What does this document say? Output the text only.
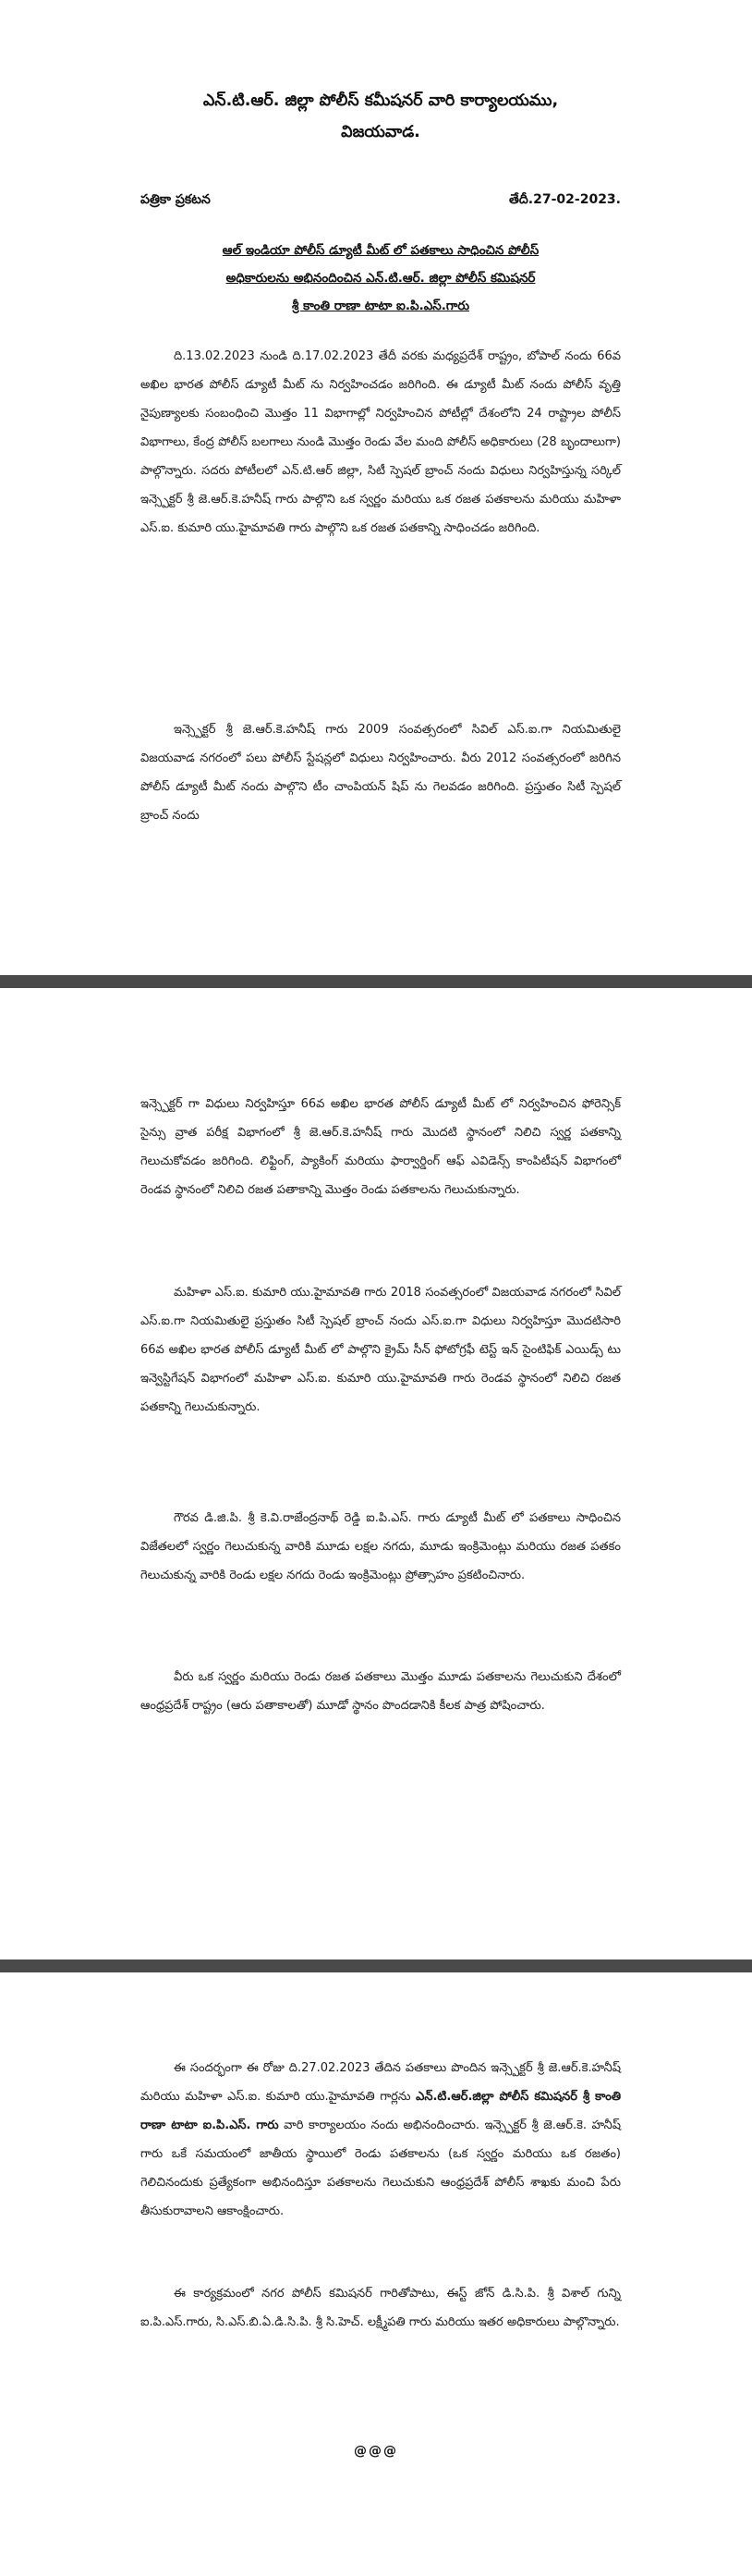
ఎన్.టి.ఆర్. జిల్లా పోలీస్ కమీషనర్ వారి కార్యాలయము,
విజయవాడ.
పత్రికా ప్రకటన	తేదీ.27-02-2023.
ఆల్ ఇండియా పోలీస్ డ్యూటీ మీట్ లో పతకాలు సాధించిన పోలీస్
అధికారులను అభినందించిన ఎన్.టి.ఆర్. జిల్లా పోలీస్ కమిషనర్
శ్రీ కాంతి రాణా టాటా ఐ.పి.ఎస్.గారు

ది.13.02.2023 నుండి ది.17.02.2023 తేదీ వరకు మధ్యప్రదేశ్ రాష్ట్రం, బోపాల్ నందు 66వ అఖిల భారత పోలీస్ డ్యూటీ మీట్ ను నిర్వహించడం జరిగింది. ఈ డ్యూటీ మీట్ నందు పోలీస్ వృత్తి నైపుణ్యాలకు సంబంధించి మొత్తం 11 విభాగాల్లో నిర్వహించిన పోటీల్లో దేశంలోని 24 రాష్ట్రాల పోలీస్ విభాగాలు, కేంద్ర పోలీస్ బలగాలు నుండి మొత్తం రెండు వేల మంది పోలీస్ అధికారులు (28 బృందాలుగా) పాల్గొన్నారు. సదరు పోటీలలో ఎన్.టి.ఆర్ జిల్లా, సిటీ స్పెషల్ బ్రాంచ్ నందు విధులు నిర్వహిస్తున్న సర్కిల్ ఇన్స్పెక్టర్ శ్రీ జె.ఆర్.కె.హనీష్ గారు పాల్గొని ఒక స్వర్ణం మరియు ఒక రజత పతకాలను మరియు మహిళా ఎస్.ఐ. కుమారి యు.హైమావతి గారు పాల్గొని ఒక రజత పతకాన్ని సాధించడం జరిగింది.

ఇన్స్పెక్టర్ శ్రీ జె.ఆర్.కె.హనీష్ గారు 2009 సంవత్సరంలో సివిల్ ఎస్.ఐ.గా నియమితులై విజయవాడ నగరంలో పలు పోలీస్ స్టేషన్లలో విధులు నిర్వహించారు. వీరు 2012 సంవత్సరంలో జరిగిన పోలీస్ డ్యూటీ మీట్ నందు పాల్గొని టీం చాంపియన్ షిప్ ను గెలవడం జరిగింది. ప్రస్తుతం సిటీ స్పెషల్ బ్రాంచ్ నందు

ఇన్స్పెక్టర్ గా విధులు నిర్వహిస్తూ 66వ అఖిల భారత పోలీస్ డ్యూటీ మీట్ లో నిర్వహించిన ఫోరెన్సిక్ సైన్సు వ్రాత పరీక్ష విభాగంలో శ్రీ జె.ఆర్.కె.హనీష్ గారు మొదటి స్థానంలో నిలిచి స్వర్ణ పతకాన్ని గెలుచుకోవడం జరిగింది. లిఫ్టింగ్, ప్యాకింగ్ మరియు ఫార్వార్డింగ్ ఆఫ్ ఎవిడెన్స్ కాంపిటీషన్ విభాగంలో రెండవ స్థానంలో నిలిచి రజత పతాకాన్ని మొత్తం రెండు పతకాలను గెలుచుకున్నారు.

మహిళా ఎస్.ఐ. కుమారి యు.హైమావతి గారు 2018 సంవత్సరంలో విజయవాడ నగరంలో సివిల్ ఎస్.ఐ.గా నియమితులై ప్రస్తుతం సిటీ స్పెషల్ బ్రాంచ్ నందు ఎస్.ఐ.గా విధులు నిర్వహిస్తూ మొదటిసారి 66వ అఖిల భారత పోలీస్ డ్యూటీ మీట్ లో పాల్గొని క్రైమ్ సీన్ ఫోటోగ్రఫీ టెస్ట్ ఇన్ సైంటిఫిక్ ఎయిడ్స్ టు ఇన్వెస్టిగేషన్ విభాగంలో మహిళా ఎస్.ఐ. కుమారి యు.హైమావతి గారు రెండవ స్థానంలో నిలిచి రజత పతకాన్ని గెలుచుకున్నారు.

గౌరవ డి.జి.పి. శ్రీ కె.వి.రాజేంద్రనాథ్ రెడ్డి ఐ.పి.ఎస్. గారు డ్యూటీ మీట్ లో పతకాలు సాధించిన విజేతలలో స్వర్ణం గెలుచుకున్న వారికి మూడు లక్షల నగదు, మూడు ఇంక్రిమెంట్లు మరియు రజత పతకం గెలుచుకున్న వారికి రెండు లక్షల నగదు రెండు ఇంక్రిమెంట్లు ప్రోత్సాహం ప్రకటించినారు.

వీరు ఒక స్వర్ణం మరియు రెండు రజత పతకాలు మొత్తం మూడు పతకాలను గెలుచుకుని దేశంలో ఆంధ్రప్రదేశ్ రాష్ట్రం (ఆరు పతాకాలతో) మూడో స్థానం పొందడానికి కీలక పాత్ర పోషించారు.

ఈ సందర్భంగా ఈ రోజు ది.27.02.2023 తేదిన పతకాలు పొందిన ఇన్స్పెక్టర్ శ్రీ జె.ఆర్.కె.హనీష్ మరియు మహిళా ఎస్.ఐ. కుమారి యు.హైమావతి గార్లను ఎన్.టి.ఆర్.జిల్లా పోలీస్ కమిషనర్ శ్రీ కాంతి రాణా టాటా ఐ.పి.ఎస్. గారు వారి కార్యాలయం నందు అభినందించారు. ఇన్స్పెక్టర్ శ్రీ జె.ఆర్.కె. హనీష్ గారు ఒకే సమయంలో జాతీయ స్థాయిలో రెండు పతకాలను (ఒక స్వర్ణం మరియు ఒక రజతం) గెలిచినందుకు ప్రత్యేకంగా అభినందిస్తూ పతకాలను గెలుచుకుని ఆంధ్రప్రదేశ్ పోలీస్ శాఖకు మంచి పేరు తీసుకురావాలని ఆకాంక్షించారు.

ఈ కార్యక్రమంలో నగర పోలీస్ కమిషనర్ గారితోపాటు, ఈస్ట్ జోన్ డి.సి.పి. శ్రీ విశాల్ గున్ని ఐ.పి.ఎస్.గారు, సి.ఎస్.బి.ఏ.డి.సి.పి. శ్రీ సి.హెచ్. లక్ష్మీపతి గారు మరియు ఇతర అధికారులు పాల్గొన్నారు.

@@@
